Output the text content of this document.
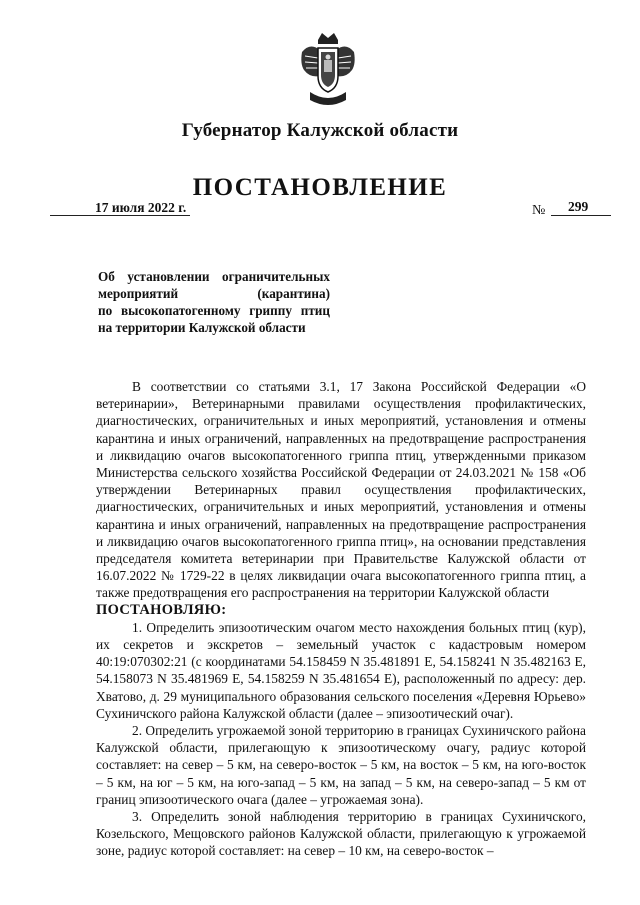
Губернатор Калужской области
ПОСТАНОВЛЕНИЕ
17 июля 2022 г.	№ 299
Об установлении ограничительных
мероприятий (карантина)
по высокопатогенному гриппу птиц
на территории Калужской области

В соответствии со статьями 3.1, 17 Закона Российской Федерации «О ветеринарии», Ветеринарными правилами осуществления профилактических, диагностических, ограничительных и иных мероприятий, установления и отмены карантина и иных ограничений, направленных на предотвращение распространения и ликвидацию очагов высокопатогенного гриппа птиц, утвержденными приказом Министерства сельского хозяйства Российской Федерации от 24.03.2021 № 158 «Об утверждении Ветеринарных правил осуществления профилактических, диагностических, ограничительных и иных мероприятий, установления и отмены карантина и иных ограничений, направленных на предотвращение распространения и ликвидацию очагов высокопатогенного гриппа птиц», на основании представления председателя комитета ветеринарии при Правительстве Калужской области от 16.07.2022 № 1729-22 в целях ликвидации очага высокопатогенного гриппа птиц, а также предотвращения его распространения на территории Калужской области

ПОСТАНОВЛЯЮ:

1. Определить эпизоотическим очагом место нахождения больных птиц (кур), их секретов и экскретов – земельный участок с кадастровым номером 40:19:070302:21 (с координатами 54.158459 N 35.481891 E, 54.158241 N 35.482163 E, 54.158073 N 35.481969 E, 54.158259 N 35.481654 E), расположенный по адресу: дер. Хватово, д. 29 муниципального образования сельского поселения «Деревня Юрьево» Сухиничского района Калужской области (далее – эпизоотический очаг).

2. Определить угрожаемой зоной территорию в границах Сухиничского района Калужской области, прилегающую к эпизоотическому очагу, радиус которой составляет: на север – 5 км, на северо-восток – 5 км, на восток – 5 км, на юго-восток – 5 км, на юг – 5 км, на юго-запад – 5 км, на запад – 5 км, на северо-запад – 5 км от границ эпизоотического очага (далее – угрожаемая зона).

3. Определить зоной наблюдения территорию в границах Сухиничского, Козельского, Мещовского районов Калужской области, прилегающую к угрожаемой зоне, радиус которой составляет: на север – 10 км, на северо-восток –
